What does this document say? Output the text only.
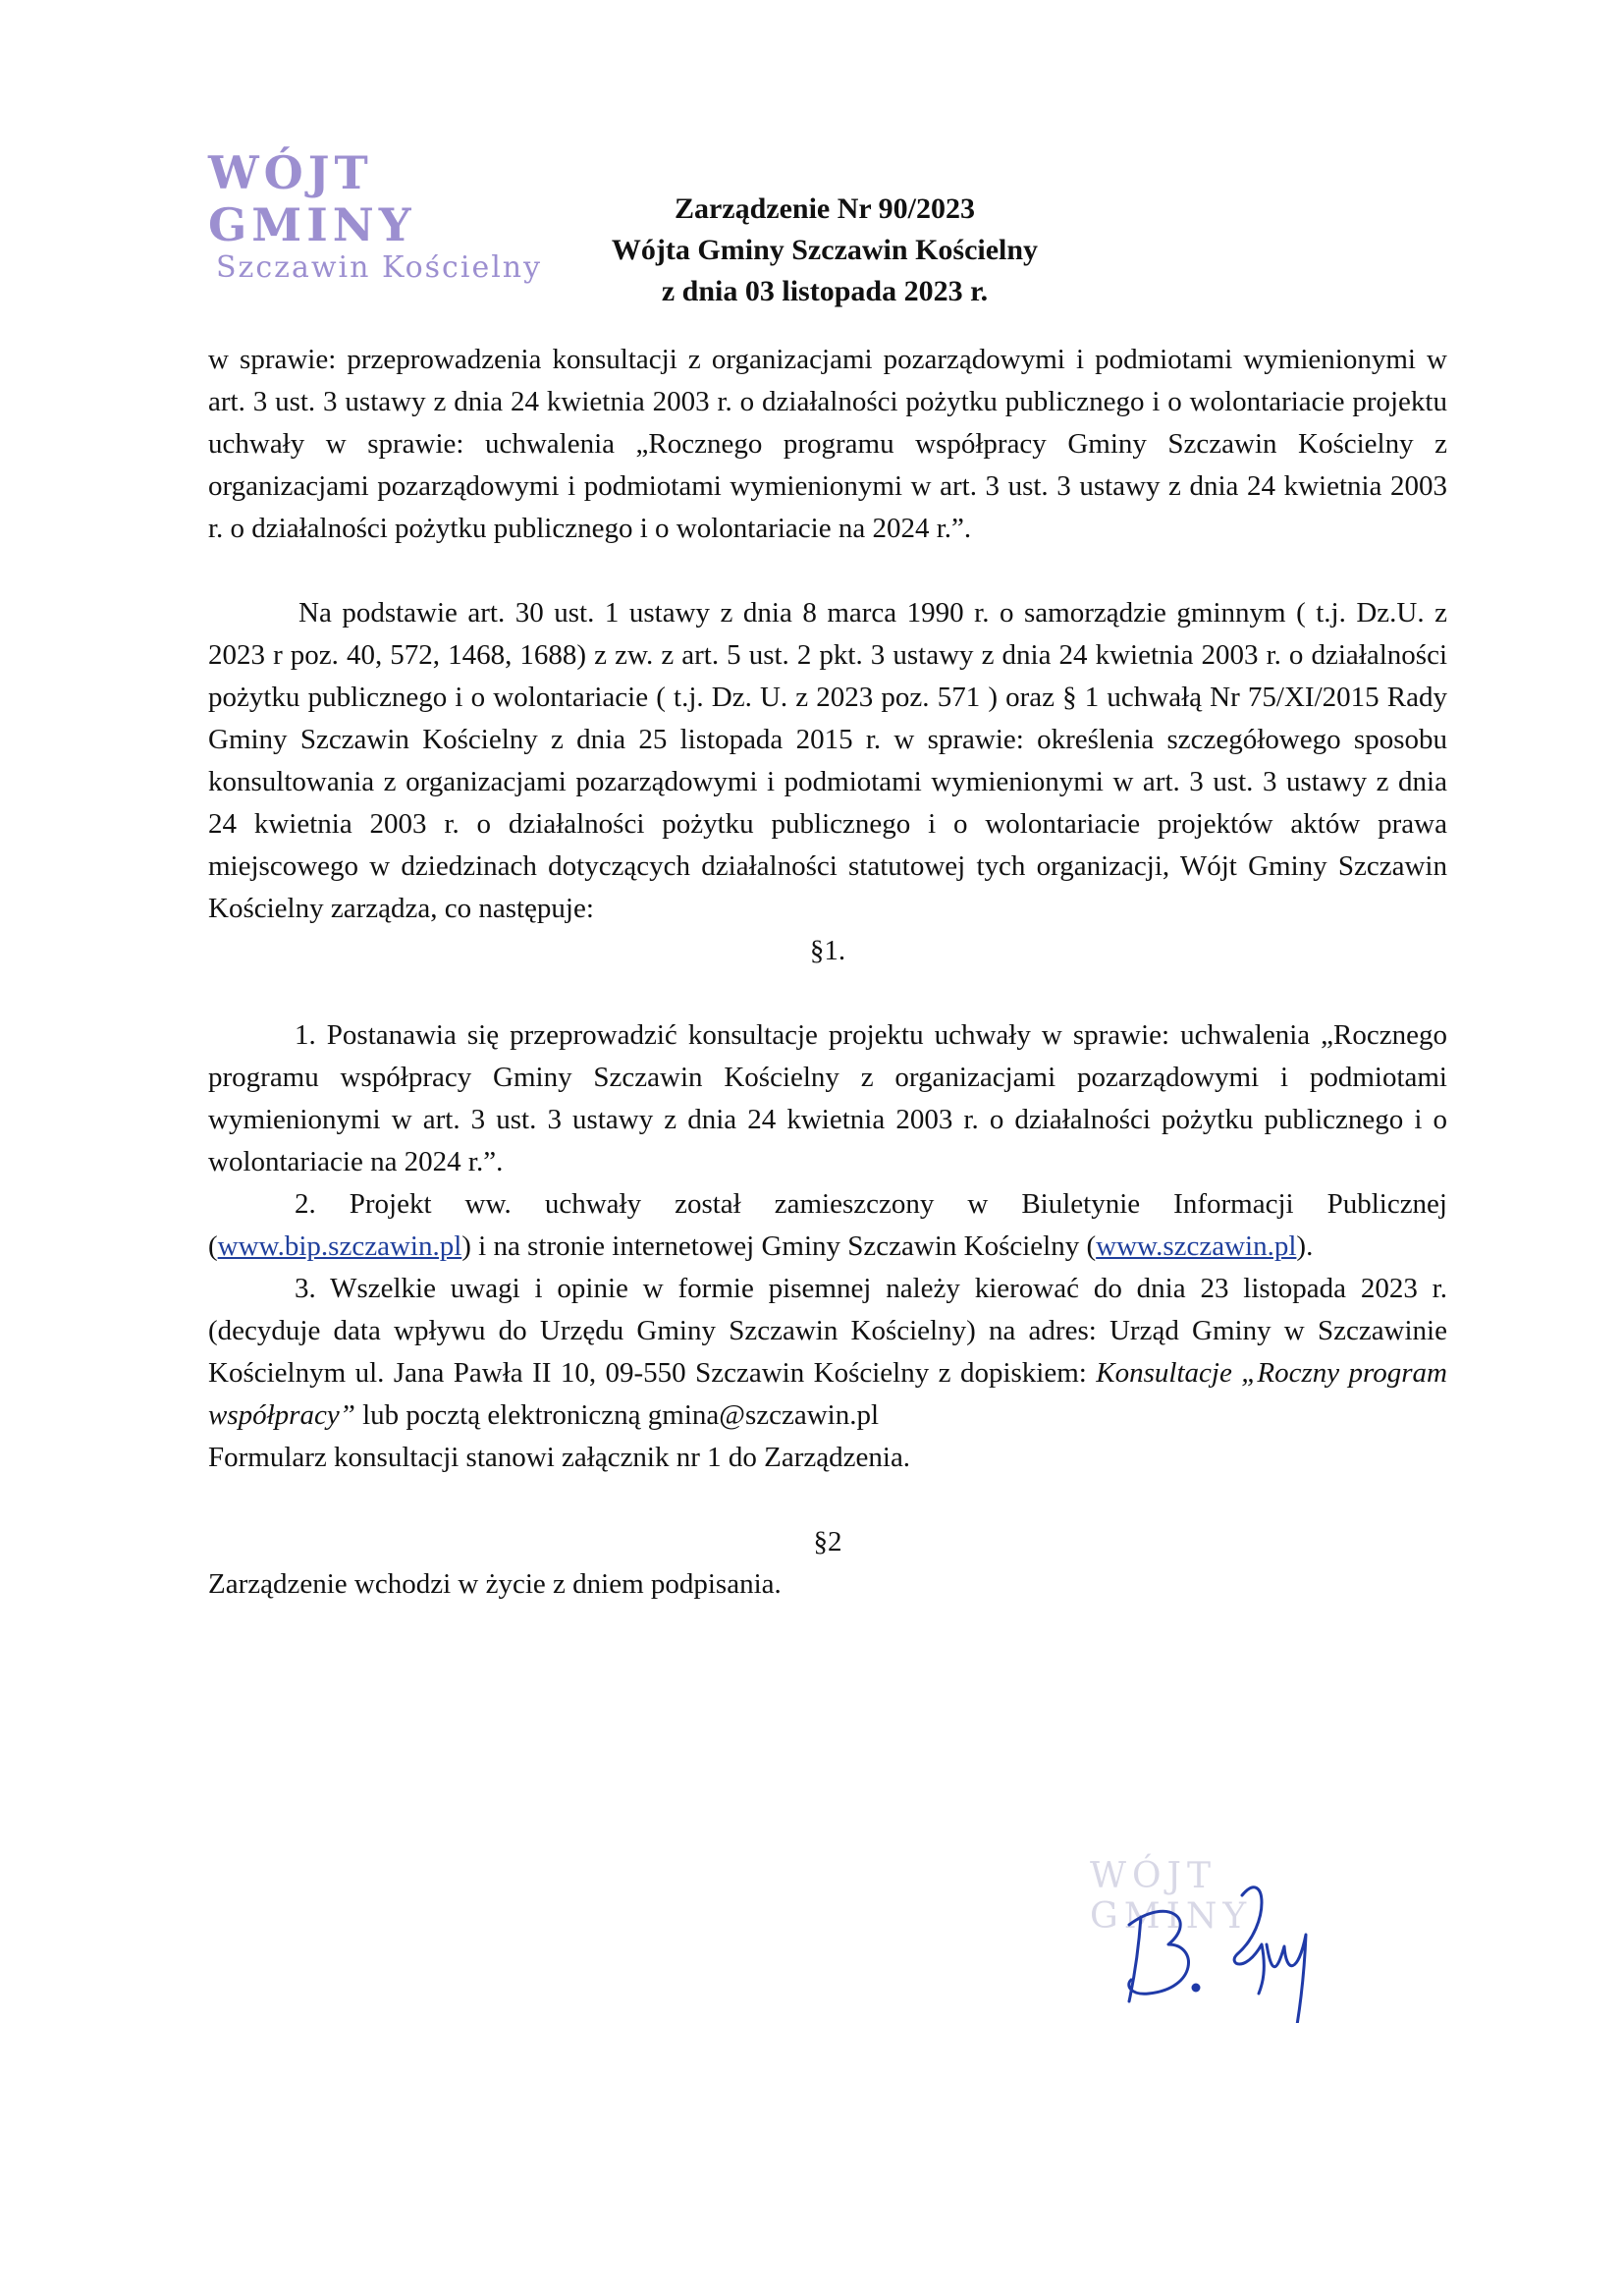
WÓJT GMINY
Szczawin Kościelny
Zarządzenie Nr 90/2023
Wójta Gminy Szczawin Kościelny
z dnia 03 listopada 2023 r.

w sprawie: przeprowadzenia konsultacji z organizacjami pozarządowymi i podmiotami wymienionymi w art. 3 ust. 3 ustawy z dnia 24 kwietnia 2003 r. o działalności pożytku publicznego i o wolontariacie projektu uchwały w sprawie: uchwalenia „Rocznego programu współpracy Gminy Szczawin Kościelny z organizacjami pozarządowymi i podmiotami wymienionymi w art. 3 ust. 3 ustawy z dnia 24 kwietnia 2003 r. o działalności pożytku publicznego i o wolontariacie na 2024 r.”.

Na podstawie art. 30 ust. 1 ustawy z dnia 8 marca 1990 r. o samorządzie gminnym ( t.j. Dz.U. z 2023 r poz. 40, 572, 1468, 1688) z zw. z art. 5 ust. 2 pkt. 3 ustawy z dnia 24 kwietnia 2003 r. o działalności pożytku publicznego i o wolontariacie ( t.j. Dz. U. z 2023 poz. 571 ) oraz § 1 uchwałą Nr 75/XI/2015 Rady Gminy Szczawin Kościelny z dnia 25 listopada 2015 r. w sprawie: określenia szczegółowego sposobu konsultowania z organizacjami pozarządowymi i podmiotami wymienionymi w art. 3 ust. 3 ustawy z dnia 24 kwietnia 2003 r. o działalności pożytku publicznego i o wolontariacie projektów aktów prawa miejscowego w dziedzinach dotyczących działalności statutowej tych organizacji, Wójt Gminy Szczawin Kościelny zarządza, co następuje:

§1.

1. Postanawia się przeprowadzić konsultacje projektu uchwały w sprawie: uchwalenia „Rocznego programu współpracy Gminy Szczawin Kościelny z organizacjami pozarządowymi i podmiotami wymienionymi w art. 3 ust. 3 ustawy z dnia 24 kwietnia 2003 r. o działalności pożytku publicznego i o wolontariacie na 2024 r.”.

2. Projekt ww. uchwały został zamieszczony w Biuletynie Informacji Publicznej (www.bip.szczawin.pl) i na stronie internetowej Gminy Szczawin Kościelny (www.szczawin.pl).

3. Wszelkie uwagi i opinie w formie pisemnej należy kierować do dnia 23 listopada 2023 r. (decyduje data wpływu do Urzędu Gminy Szczawin Kościelny) na adres: Urząd Gminy w Szczawinie Kościelnym ul. Jana Pawła II 10, 09-550 Szczawin Kościelny z dopiskiem: Konsultacje „Roczny program współpracy” lub pocztą elektroniczną gmina@szczawin.pl

Formularz konsultacji stanowi załącznik nr 1 do Zarządzenia.

§2

Zarządzenie wchodzi w życie z dniem podpisania.

WÓJT GMINY
